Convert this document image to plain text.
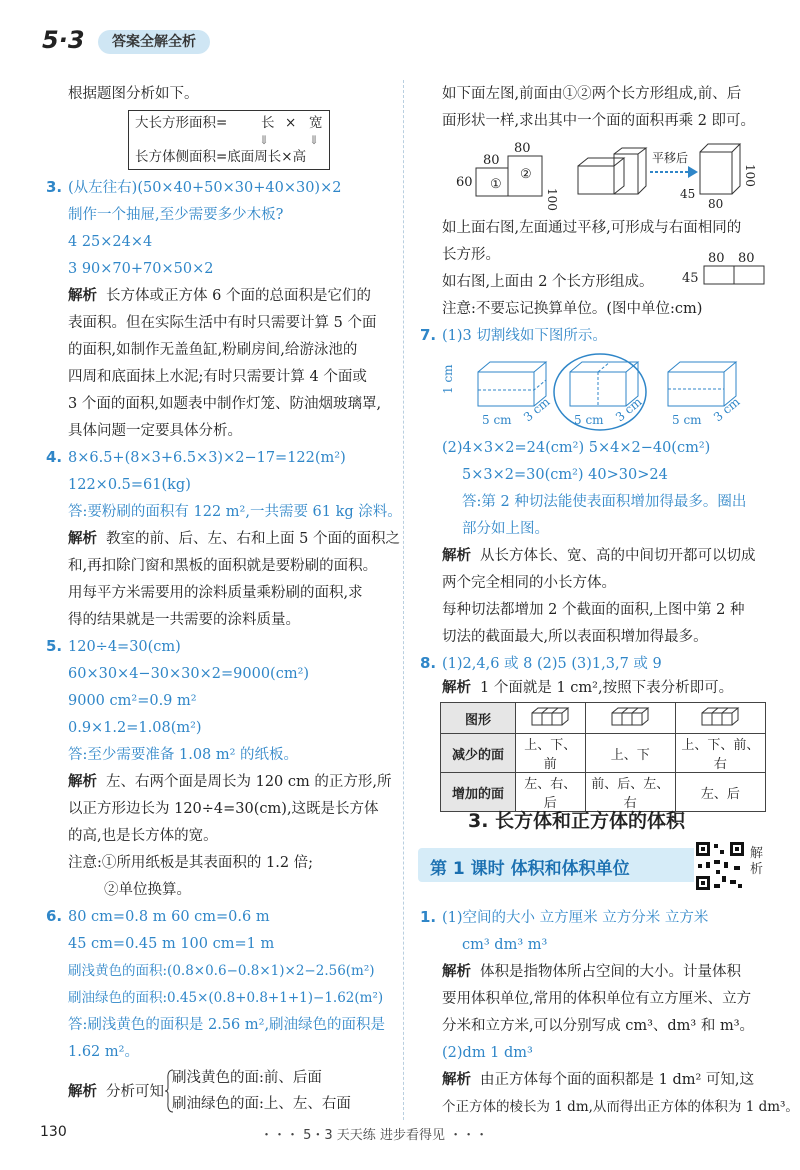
5·3	答案全解全析
根据题图分析如下。
大长方形面积= 长 × 宽
⇓	⇓
长方体侧面积=底面周长×高
3. (从左往右)(50×40+50×30+40×30)×2
制作一个抽屉,至少需要多少木板?
4 25×24×4
3 90×70+70×50×2
解析 长方体或正方体 6 个面的总面积是它们的
表面积。但在实际生活中有时只需要计算 5 个面
的面积,如制作无盖鱼缸,粉刷房间,给游泳池的
四周和底面抹上水泥;有时只需要计算 4 个面或
3 个面的面积,如题表中制作灯笼、防油烟玻璃罩,
具体问题一定要具体分析。
4. 8×6.5+(8×3+6.5×3)×2−17=122(m²)
122×0.5=61(kg)
答:要粉刷的面积有 122 m²,一共需要 61 kg 涂料。
解析 教室的前、后、左、右和上面 5 个面的面积之
和,再扣除门窗和黑板的面积就是要粉刷的面积。
用每平方米需要用的涂料质量乘粉刷的面积,求
得的结果就是一共需要的涂料质量。
5. 120÷4=30(cm)
60×30×4−30×30×2=9000(cm²)
9000 cm²=0.9 m²
0.9×1.2=1.08(m²)
答:至少需要准备 1.08 m² 的纸板。
解析 左、右两个面是周长为 120 cm 的正方形,所
以正方形边长为 120÷4=30(cm),这既是长方体
的高,也是长方体的宽。
注意:①所用纸板是其表面积的 1.2 倍;
②单位换算。
6. 80 cm=0.8 m 60 cm=0.6 m
45 cm=0.45 m 100 cm=1 m
刷浅黄色的面积:(0.8×0.6−0.8×1)×2−2.56(m²)
刷油绿色的面积:0.45×(0.8+0.8+1+1)−1.62(m²)
答:刷浅黄色的面积是 2.56 m²,刷油绿色的面积是
1.62 m²。
解析 分析可知
刷浅黄色的面:前、后面
刷油绿色的面:上、左、右面
如下面左图,前面由①②两个长方形组成,前、后
面形状一样,求出其中一个面的面积再乘 2 即可。
80
80
60
100
①
②
平移后
45
80
100
如上面右图,左面通过平移,可形成与右面相同的
长方形。
如右图,上面由 2 个长方形组成。
80 80
45
注意:不要忘记换算单位。(图中单位:cm)
7. (1)3 切割线如下图所示。
5 cm	5 cm	5 cm
1 cm
3 cm	3 cm	3 cm
(2)4×3×2=24(cm²) 5×4×2−40(cm²)
5×3×2=30(cm²) 40>30>24
答:第 2 种切法能使表面积增加得最多。圈出
部分如上图。
解析 从长方体长、宽、高的中间切开都可以切成
两个完全相同的小长方体。
每种切法都增加 2 个截面的面积,上图中第 2 种
切法的截面最大,所以表面积增加得最多。
8. (1)2,4,6 或 8 (2)5 (3)1,3,7 或 9
解析 1 个面就是 1 cm²,按照下表分析即可。
图形			
减少的面	上、下、前	上、下	上、下、前、右
增加的面	左、右、后	前、后、左、右	左、后
3. 长方体和正方体的体积
第 1 课时 体积和体积单位
解析
1. (1)空间的大小 立方厘米 立方分米 立方米
cm³ dm³ m³
解析 体积是指物体所占空间的大小。计量体积
要用体积单位,常用的体积单位有立方厘米、立方
分米和立方米,可以分别写成 cm³、dm³ 和 m³。
(2)dm 1 dm³
解析 由正方体每个面的面积都是 1 dm² 可知,这
个正方体的棱长为 1 dm,从而得出正方体的体积为 1 dm³。
130	・・・ 5・3 天天练 进步看得见 ・・・
